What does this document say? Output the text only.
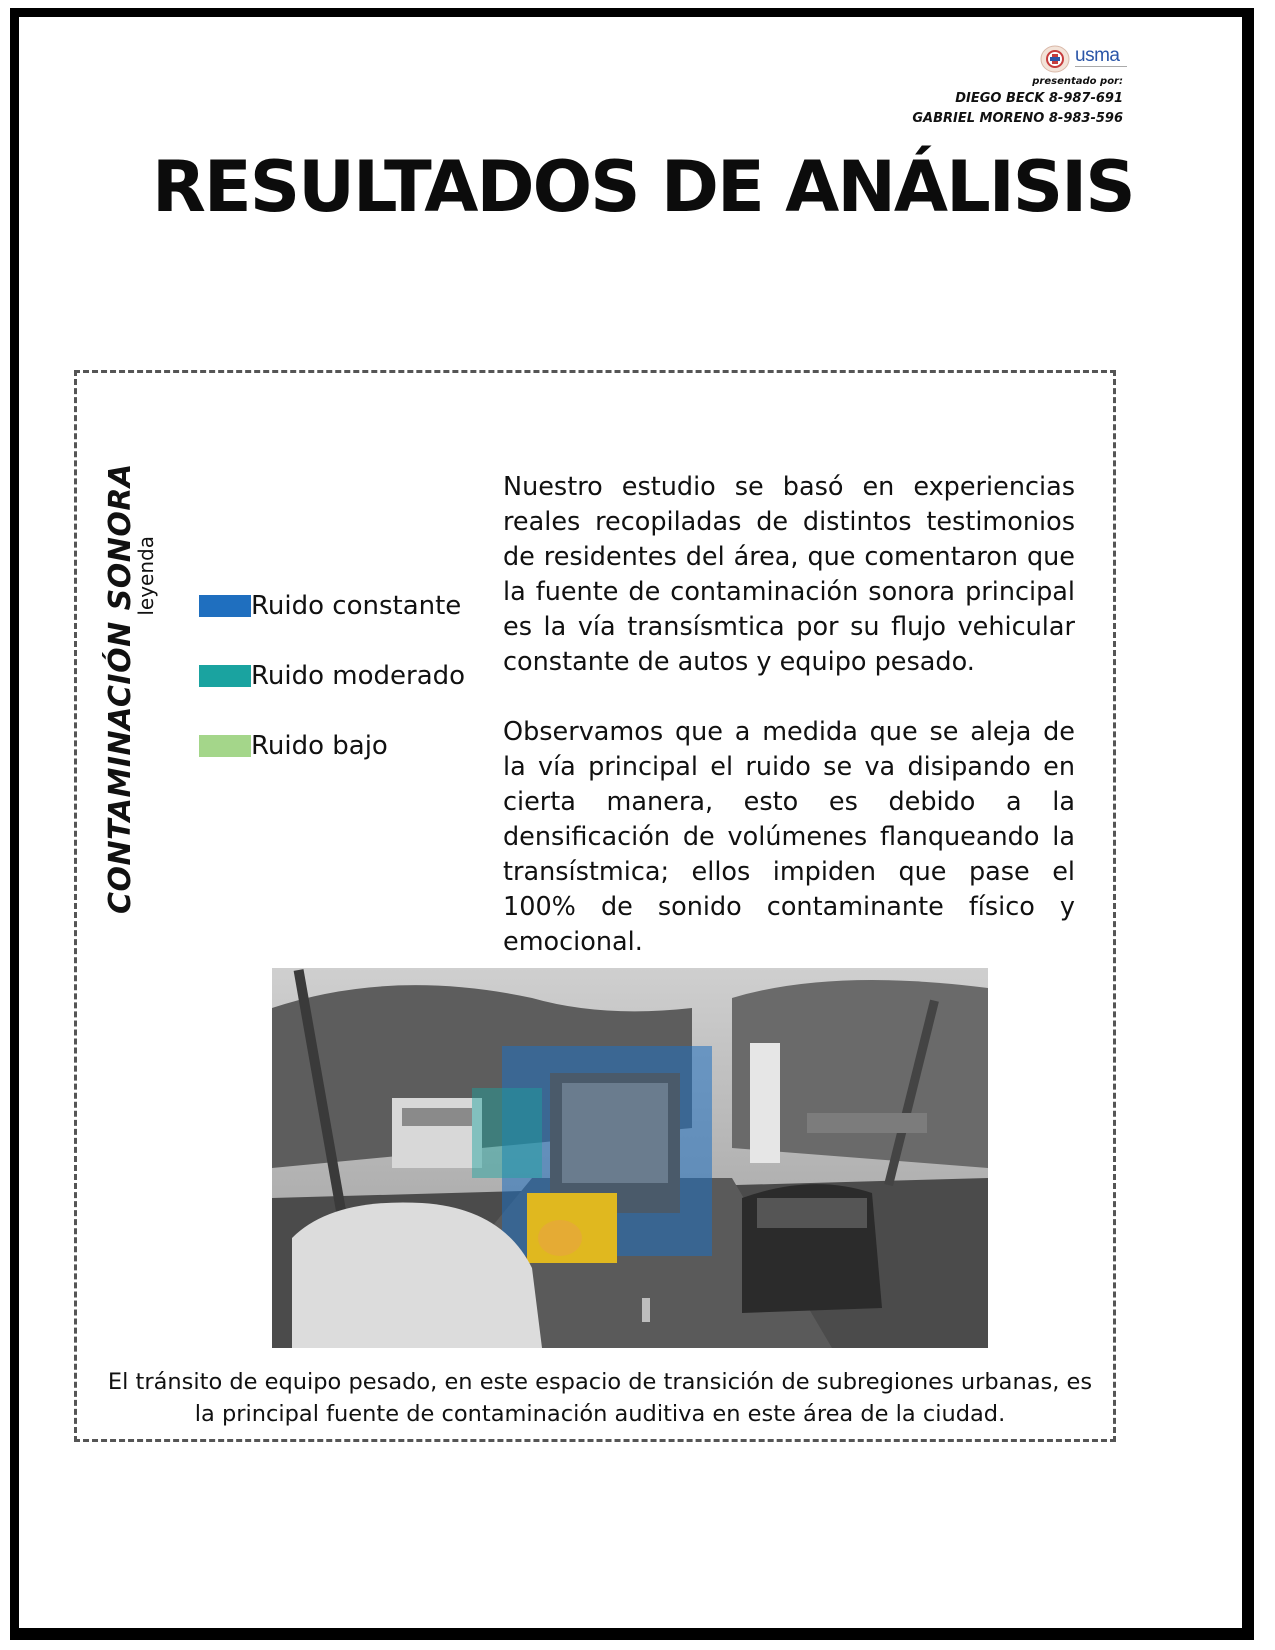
usma
presentado por:
DIEGO BECK 8-987-691
GABRIEL MORENO 8-983-596
RESULTADOS DE ANÁLISIS
CONTAMINACIÓN SONORA
leyenda	Ruido constante
Ruido moderado
Ruido bajo

Nuestro estudio se basó en experiencias reales recopiladas de distintos testimonios de residentes del área, que comentaron que la fuente de contaminación sonora principal es la vía transísmtica por su flujo vehicular constante de autos y equipo pesado.

Observamos que a medida que se aleja de la vía principal el ruido se va disipando en cierta manera, esto es debido a la densificación de volúmenes flanqueando la transístmica; ellos impiden que pase el 100% de sonido contaminante físico y emocional.

El tránsito de equipo pesado, en este espacio de transición de subregiones urbanas, es la principal fuente de contaminación auditiva en este área de la ciudad.
